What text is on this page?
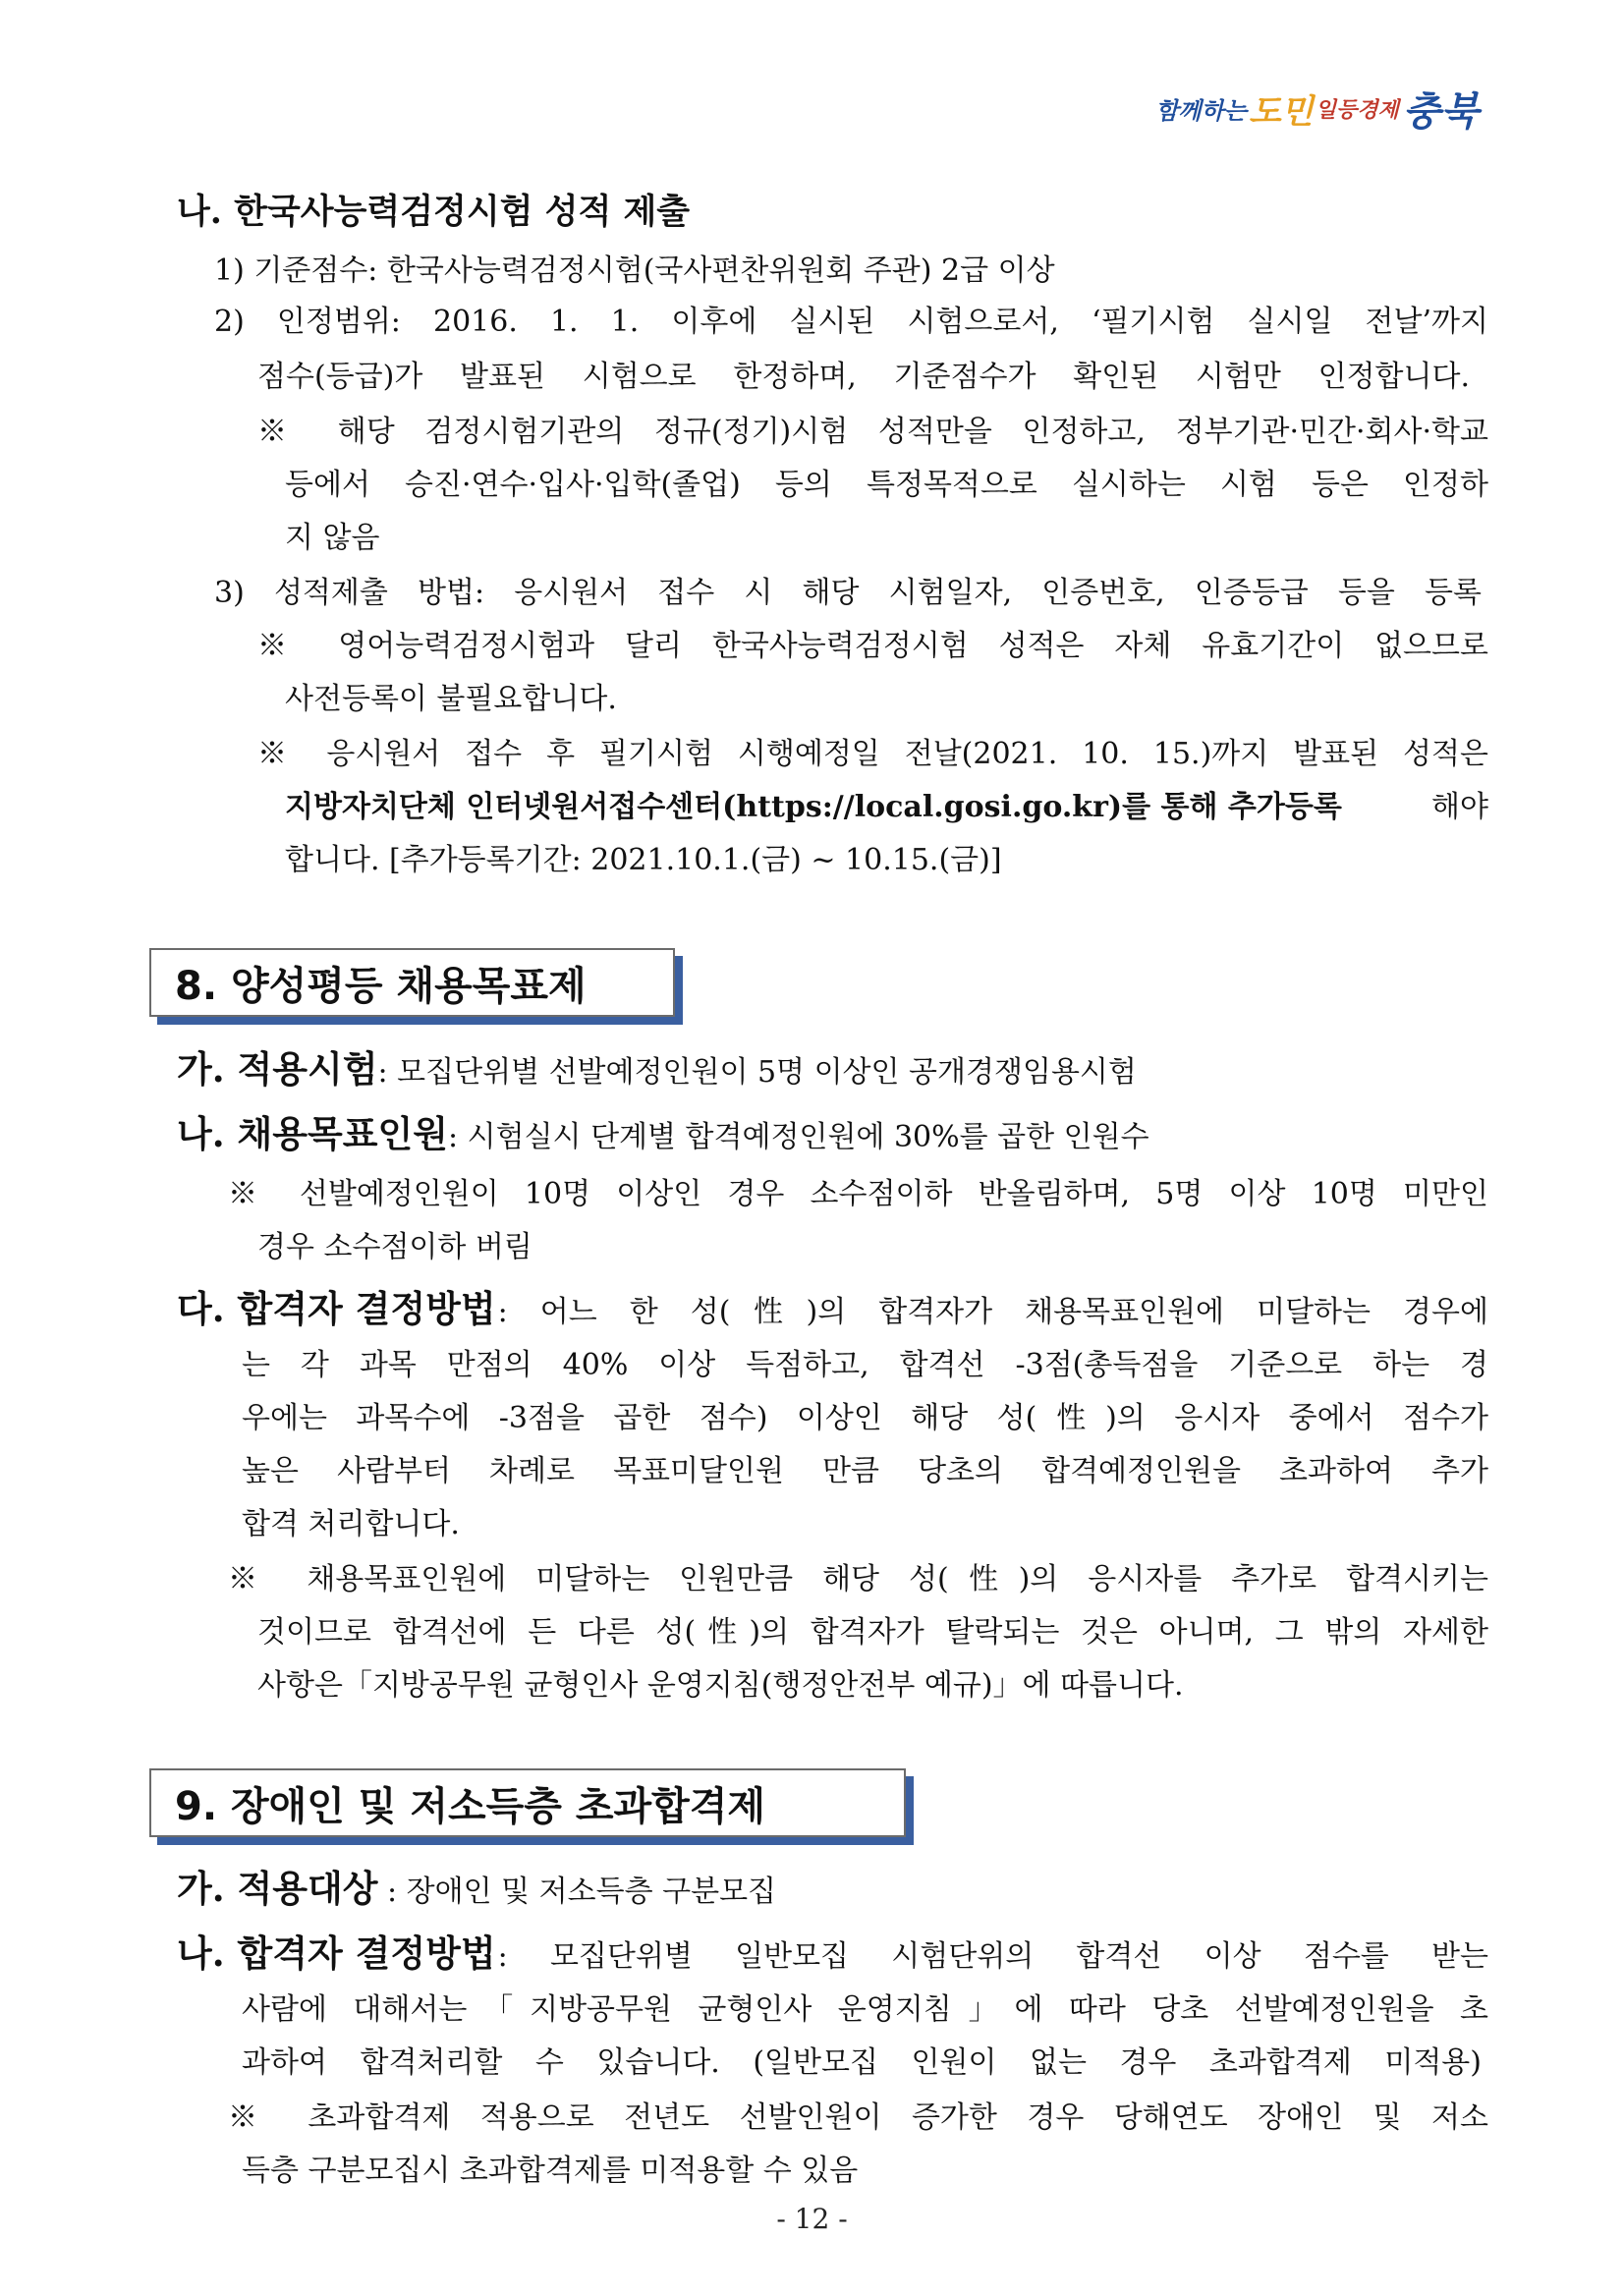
함께하는 도민 일등경제 충북
나. 한국사능력검정시험 성적 제출
1) 기준점수: 한국사능력검정시험(국사편찬위원회 주관) 2급 이상
2) 인정범위: 2016. 1. 1. 이후에 실시된 시험으로서, ‘필기시험 실시일 전날’까지
점수(등급)가 발표된 시험으로 한정하며, 기준점수가 확인된 시험만 인정합니다.
※ 해당 검정시험기관의 정규(정기)시험 성적만을 인정하고, 정부기관·민간·회사·학교
등에서 승진·연수·입사·입학(졸업) 등의 특정목적으로 실시하는 시험 등은 인정하
지 않음
3) 성적제출 방법: 응시원서 접수 시 해당 시험일자, 인증번호, 인증등급 등을 등록
※ 영어능력검정시험과 달리 한국사능력검정시험 성적은 자체 유효기간이 없으므로
사전등록이 불필요합니다.
※ 응시원서 접수 후 필기시험 시행예정일 전날(2021. 10. 15.)까지 발표된 성적은
지방자치단체 인터넷원서접수센터(https://local.gosi.go.kr)를 통해 추가등록	해야
합니다. [추가등록기간: 2021.10.1.(금) ~ 10.15.(금)]
8. 양성평등 채용목표제
가. 적용시험: 모집단위별 선발예정인원이 5명 이상인 공개경쟁임용시험
나. 채용목표인원: 시험실시 단계별 합격예정인원에 30%를 곱한 인원수
※ 선발예정인원이 10명 이상인 경우 소수점이하 반올림하며, 5명 이상 10명 미만인
경우 소수점이하 버림
다. 합격자 결정방법 : 어느 한 성(性)의 합격자가 채용목표인원에 미달하는 경우에
는 각 과목 만점의 40% 이상 득점하고, 합격선 -3점(총득점을 기준으로 하는 경
우에는 과목수에 -3점을 곱한 점수) 이상인 해당 성(性)의 응시자 중에서 점수가
높은 사람부터 차례로 목표미달인원 만큼 당초의 합격예정인원을 초과하여 추가
합격 처리합니다.
※ 채용목표인원에 미달하는 인원만큼 해당 성(性)의 응시자를 추가로 합격시키는
것이므로 합격선에 든 다른 성(性)의 합격자가 탈락되는 것은 아니며, 그 밖의 자세한
사항은「지방공무원 균형인사 운영지침(행정안전부 예규)」에 따릅니다.
9. 장애인 및 저소득층 초과합격제
가. 적용대상 : 장애인 및 저소득층 구분모집
나. 합격자 결정방법 : 모집단위별 일반모집 시험단위의 합격선 이상 점수를 받는
사람에 대해서는「지방공무원 균형인사 운영지침」에 따라 당초 선발예정인원을 초
과하여 합격처리할 수 있습니다. (일반모집 인원이 없는 경우 초과합격제 미적용)
※ 초과합격제 적용으로 전년도 선발인원이 증가한 경우 당해연도 장애인 및 저소
득층 구분모집시 초과합격제를 미적용할 수 있음
- 12 -
